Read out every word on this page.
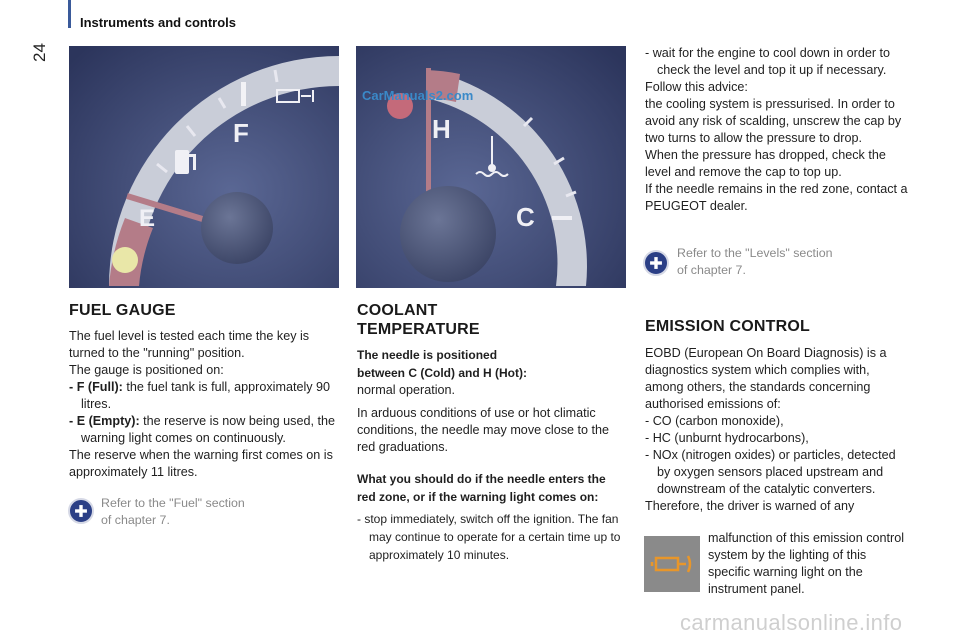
24
Instruments and controls
F
E
H
C
CarManuals2.com
FUEL GAUGE

The fuel level is tested each time the key is turned to the "running" position.

The gauge is positioned on:

- F (Full): the fuel tank is full, approximately 90 litres.

- E (Empty): the reserve is now being used, the warning light comes on continuously.

The reserve when the warning first comes on is approximately 11 litres.

Refer to the "Fuel" section
of chapter 7.
COOLANT
TEMPERATURE
The needle is positioned
between C (Cold) and H (Hot):

normal operation.

In arduous conditions of use or hot climatic conditions, the needle may move close to the red graduations.

What you should do if the needle enters the red zone, or if the warning light comes on:

- stop immediately, switch off the ignition. The fan may continue to operate for a certain time up to approximately 10 minutes.

- wait for the engine to cool down in order to check the level and top it up if necessary.

Follow this advice:

the cooling system is pressurised. In order to avoid any risk of scalding, unscrew the cap by two turns to allow the pressure to drop.

When the pressure has dropped, check the level and remove the cap to top up.

If the needle remains in the red zone, contact a PEUGEOT dealer.

Refer to the "Levels" section
of chapter 7.
EMISSION CONTROL

EOBD (European On Board Diagnosis) is a diagnostics system which complies with, among others, the standards concerning authorised emissions of:

- CO (carbon monoxide),

- HC (unburnt hydrocarbons),

- NOx (nitrogen oxides) or particles, detected by oxygen sensors placed upstream and downstream of the catalytic converters.

Therefore, the driver is warned of any

malfunction of this emission control system by the lighting of this specific warning light on the instrument panel.
carmanualsonline.info
